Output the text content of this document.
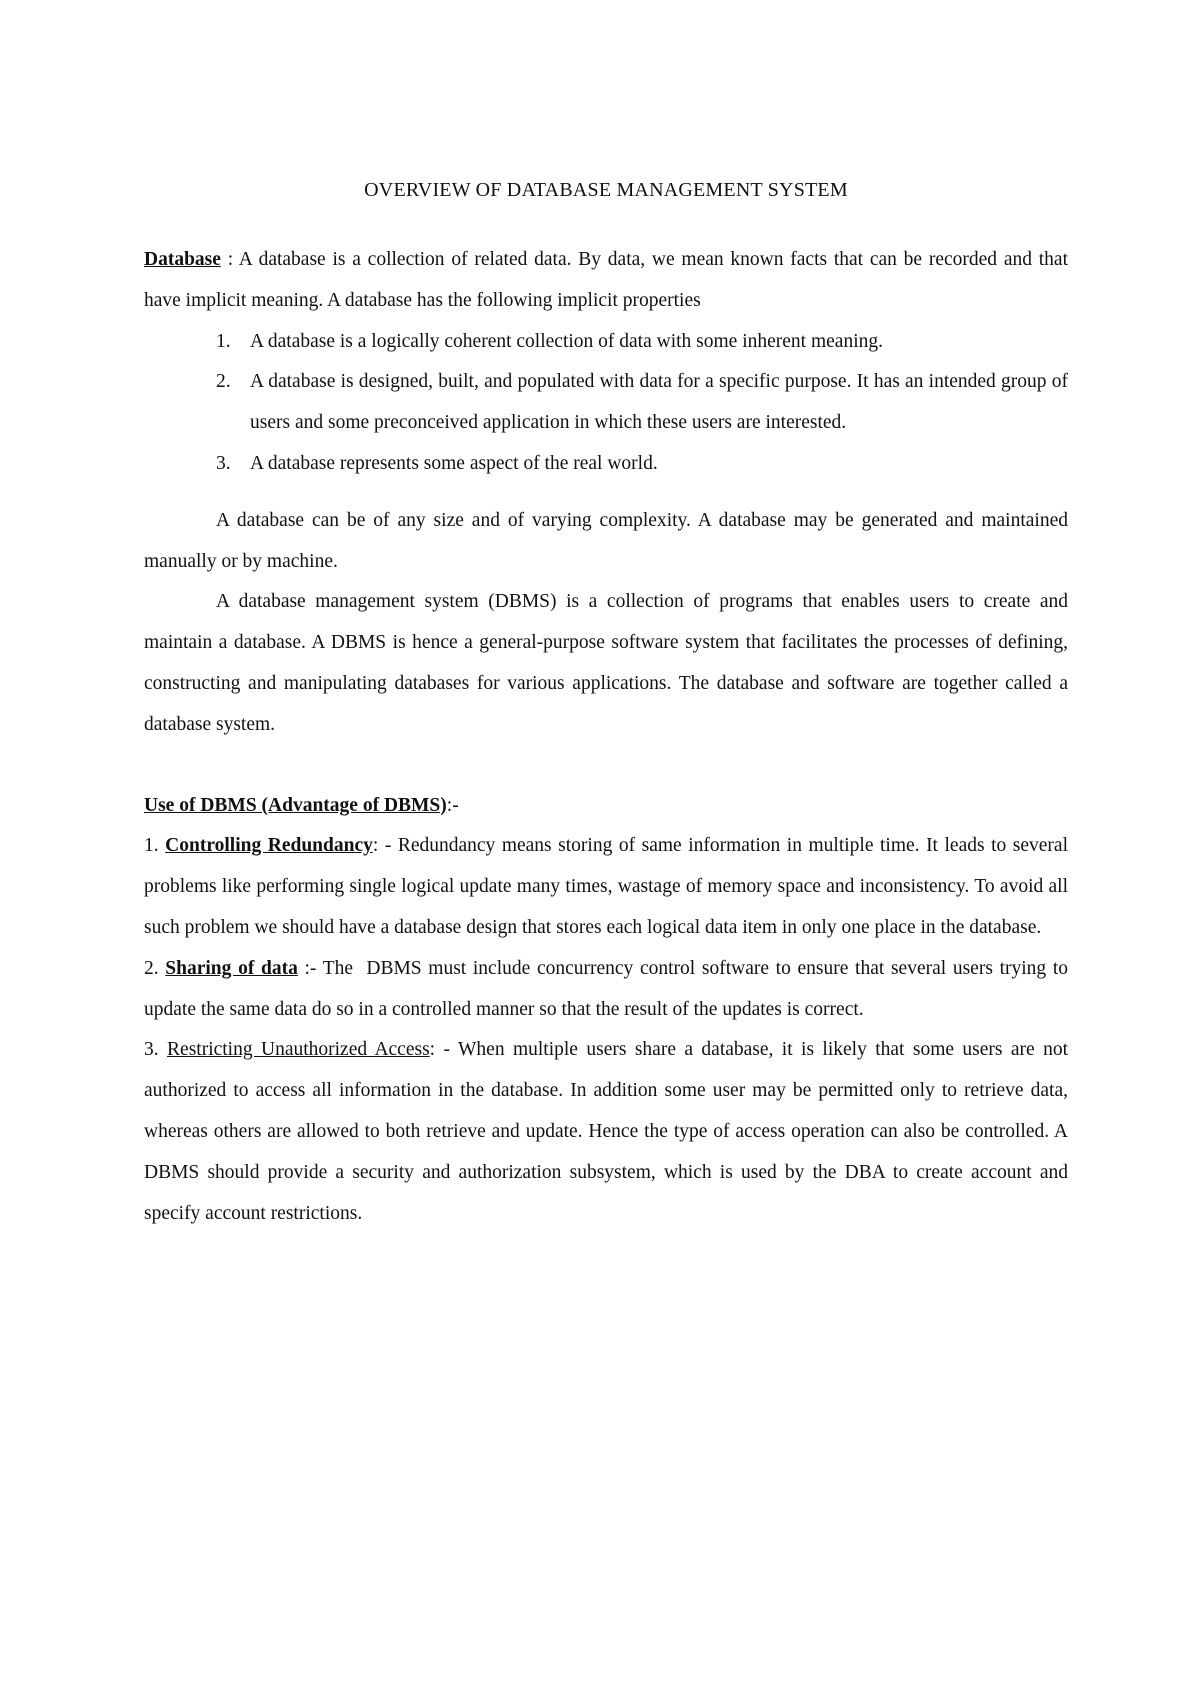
OVERVIEW OF DATABASE MANAGEMENT SYSTEM

Database : A database is a collection of related data. By data, we mean known facts that can be recorded and that have implicit meaning. A database has the following implicit properties

1. A database is a logically coherent collection of data with some inherent meaning.
2. A database is designed, built, and populated with data for a specific purpose. It has an intended group of users and some preconceived application in which these users are interested.
3. A database represents some aspect of the real world.

A database can be of any size and of varying complexity. A database may be generated and maintained manually or by machine.

A database management system (DBMS) is a collection of programs that enables users to create and maintain a database. A DBMS is hence a general-purpose software system that facilitates the processes of defining, constructing and manipulating databases for various applications. The database and software are together called a database system.

Use of DBMS (Advantage of DBMS):-

1. Controlling Redundancy: - Redundancy means storing of same information in multiple time. It leads to several problems like performing single logical update many times, wastage of memory space and inconsistency. To avoid all such problem we should have a database design that stores each logical data item in only one place in the database.

2. Sharing of data :- The  DBMS must include concurrency control software to ensure that several users trying to update the same data do so in a controlled manner so that the result of the updates is correct.

3. Restricting Unauthorized Access: - When multiple users share a database, it is likely that some users are not authorized to access all information in the database. In addition some user may be permitted only to retrieve data, whereas others are allowed to both retrieve and update. Hence the type of access operation can also be controlled. A DBMS should provide a security and authorization subsystem, which is used by the DBA to create account and specify account restrictions.
